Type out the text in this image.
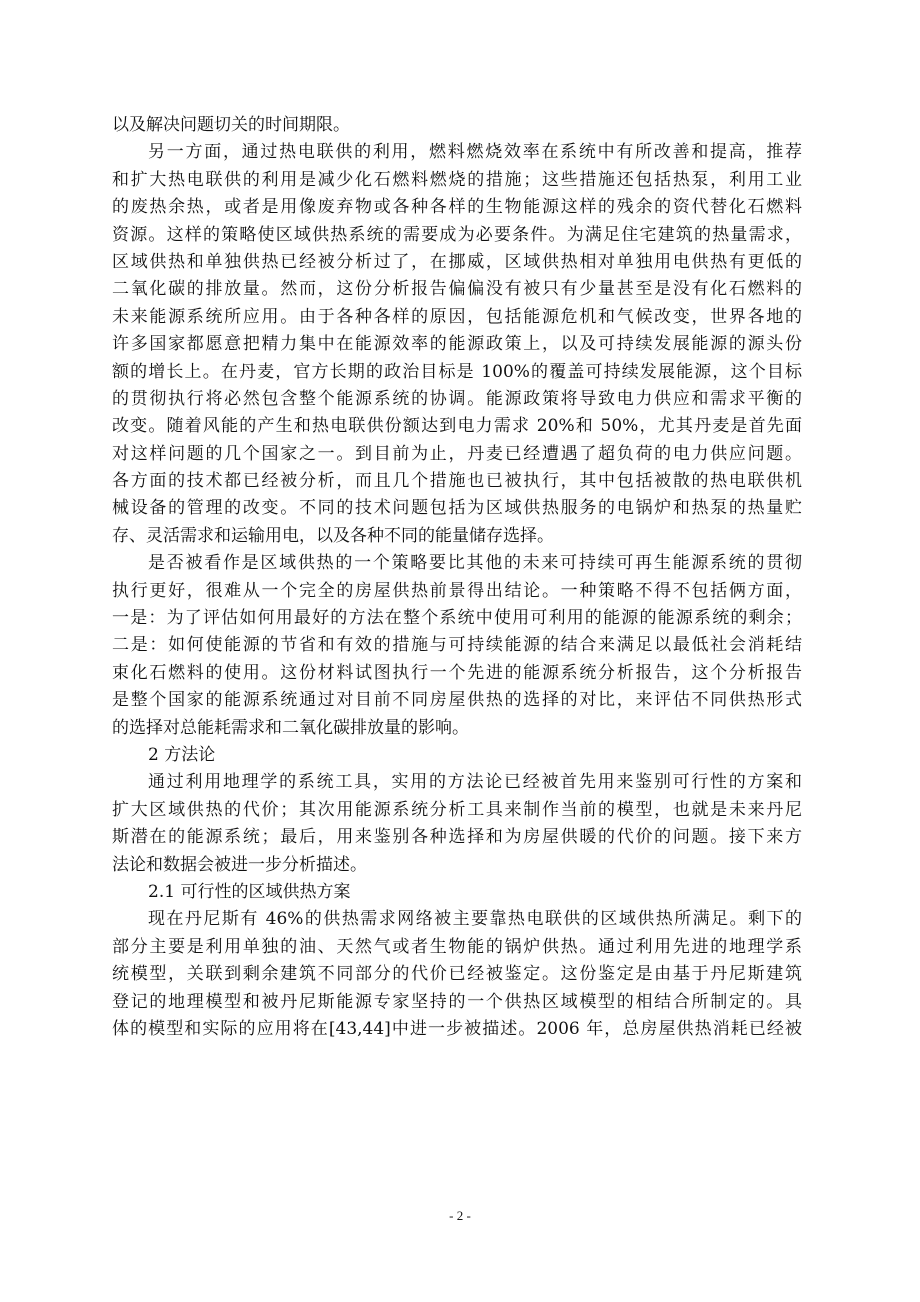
以及解决问题切关的时间期限。
另一方面，通过热电联供的利用，燃料燃烧效率在系统中有所改善和提高，推荐
和扩大热电联供的利用是减少化石燃料燃烧的措施；这些措施还包括热泵，利用工业
的废热余热，或者是用像废弃物或各种各样的生物能源这样的残余的资代替化石燃料
资源。这样的策略使区域供热系统的需要成为必要条件。为满足住宅建筑的热量需求，
区域供热和单独供热已经被分析过了，在挪威，区域供热相对单独用电供热有更低的
二氧化碳的排放量。然而，这份分析报告偏偏没有被只有少量甚至是没有化石燃料的
未来能源系统所应用。由于各种各样的原因，包括能源危机和气候改变，世界各地的
许多国家都愿意把精力集中在能源效率的能源政策上，以及可持续发展能源的源头份
额的增长上。在丹麦，官方长期的政治目标是 100%的覆盖可持续发展能源，这个目标
的贯彻执行将必然包含整个能源系统的协调。能源政策将导致电力供应和需求平衡的
改变。随着风能的产生和热电联供份额达到电力需求 20%和 50%，尤其丹麦是首先面
对这样问题的几个国家之一。到目前为止，丹麦已经遭遇了超负荷的电力供应问题。
各方面的技术都已经被分析，而且几个措施也已被执行，其中包括被散的热电联供机
械设备的管理的改变。不同的技术问题包括为区域供热服务的电锅炉和热泵的热量贮
存、灵活需求和运输用电，以及各种不同的能量储存选择。
是否被看作是区域供热的一个策略要比其他的未来可持续可再生能源系统的贯彻
执行更好，很难从一个完全的房屋供热前景得出结论。一种策略不得不包括俩方面，
一是：为了评估如何用最好的方法在整个系统中使用可利用的能源的能源系统的剩余；
二是：如何使能源的节省和有效的措施与可持续能源的结合来满足以最低社会消耗结
束化石燃料的使用。这份材料试图执行一个先进的能源系统分析报告，这个分析报告
是整个国家的能源系统通过对目前不同房屋供热的选择的对比，来评估不同供热形式
的选择对总能耗需求和二氧化碳排放量的影响。
2 方法论
通过利用地理学的系统工具，实用的方法论已经被首先用来鉴别可行性的方案和
扩大区域供热的代价；其次用能源系统分析工具来制作当前的模型，也就是未来丹尼
斯潜在的能源系统；最后，用来鉴别各种选择和为房屋供暖的代价的问题。接下来方
法论和数据会被进一步分析描述。
2.1 可行性的区域供热方案
现在丹尼斯有 46%的供热需求网络被主要靠热电联供的区域供热所满足。剩下的
部分主要是利用单独的油、天然气或者生物能的锅炉供热。通过利用先进的地理学系
统模型，关联到剩余建筑不同部分的代价已经被鉴定。这份鉴定是由基于丹尼斯建筑
登记的地理模型和被丹尼斯能源专家坚持的一个供热区域模型的相结合所制定的。具
体的模型和实际的应用将在[43,44]中进一步被描述。2006 年，总房屋供热消耗已经被
- 2 -
